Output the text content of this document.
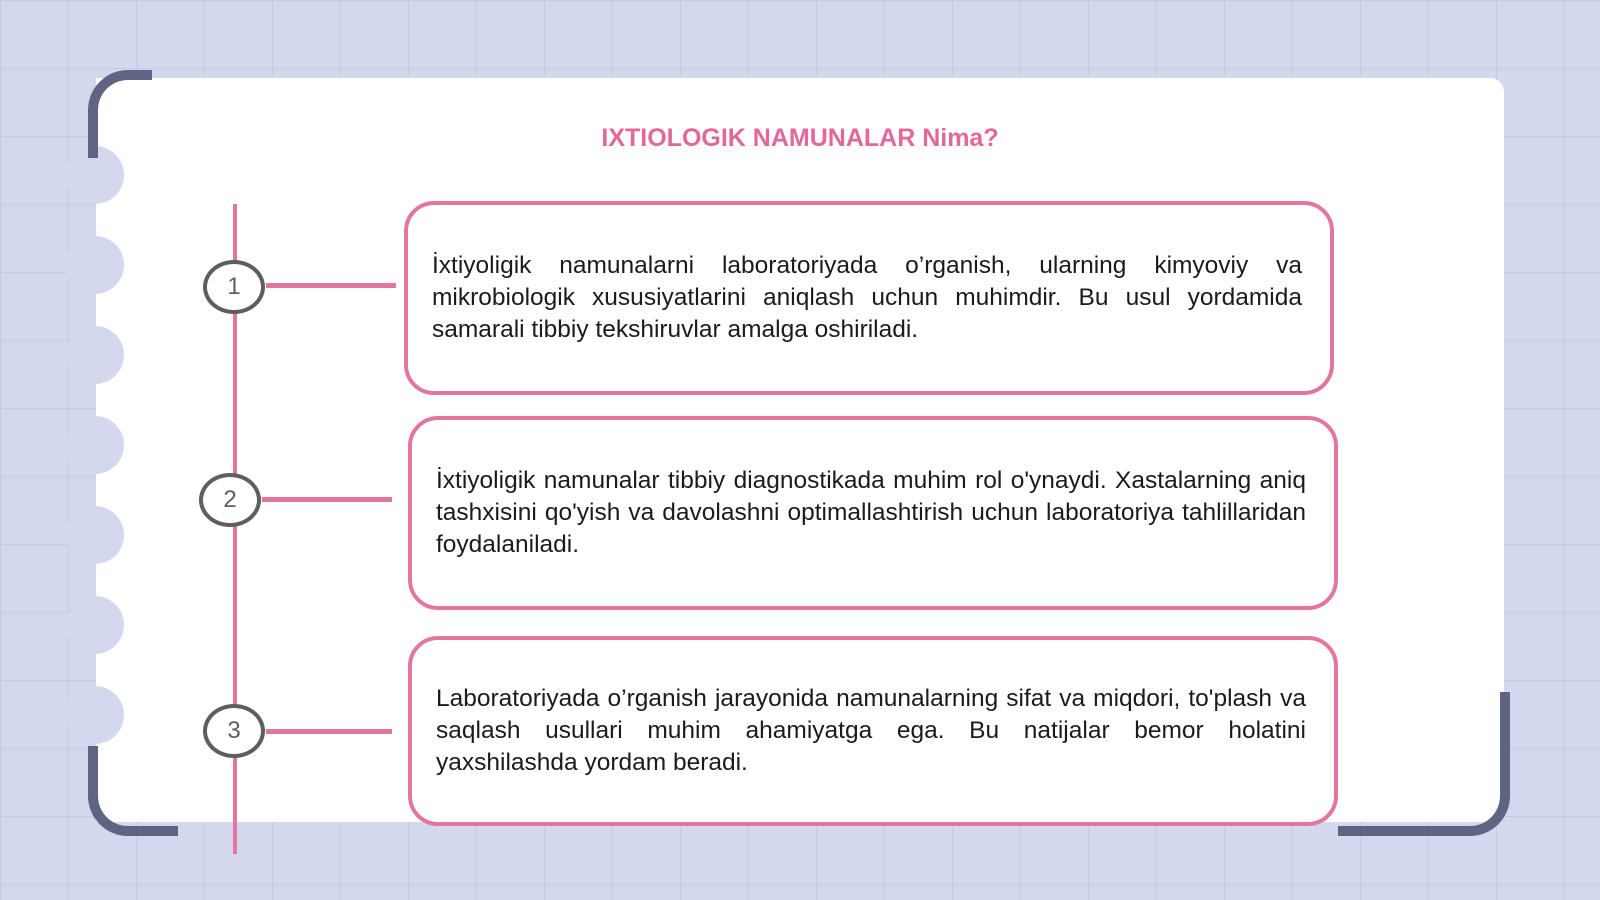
IXTIOLOGIK NAMUNALAR Nima?
1

İxtiyoligik namunalarni laboratoriyada o’rganish, ularning kimyoviy va mikrobiologik xususiyatlarini aniqlash uchun muhimdir. Bu usul yordamida samarali tibbiy tekshiruvlar amalga oshiriladi.

2

İxtiyoligik namunalar tibbiy diagnostikada muhim rol o'ynaydi. Xastalarning aniq tashxisini qo'yish va davolashni optimallashtirish uchun laboratoriya tahlillaridan foydalaniladi.

3

Laboratoriyada o’rganish jarayonida namunalarning sifat va miqdori, to'plash va saqlash usullari muhim ahamiyatga ega. Bu natijalar bemor holatini yaxshilashda yordam beradi.
